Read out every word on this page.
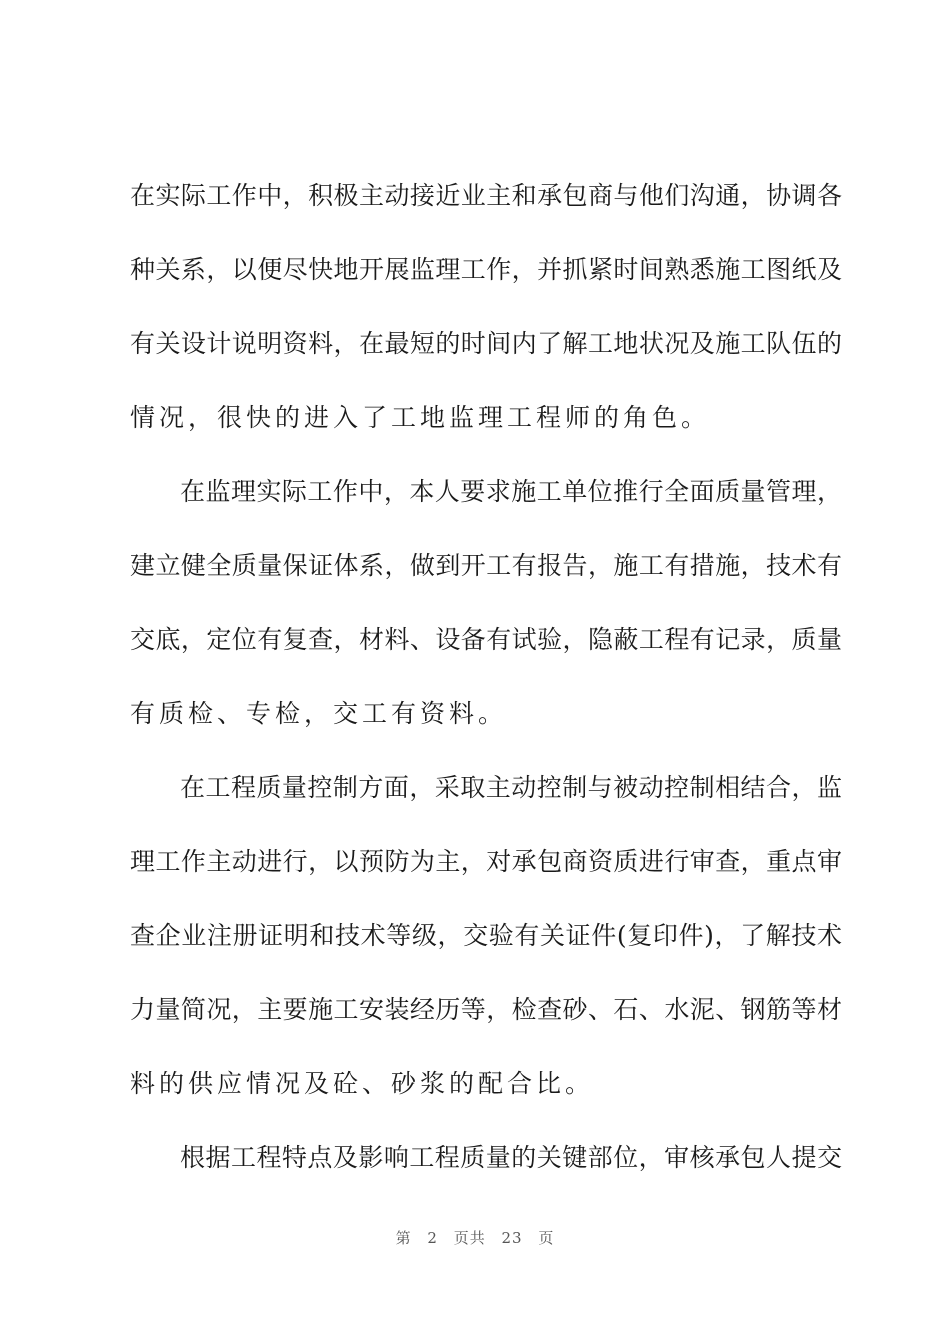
在实际工作中，积极主动接近业主和承包商与他们沟通，协调各
种关系，以便尽快地开展监理工作，并抓紧时间熟悉施工图纸及
有关设计说明资料，在最短的时间内了解工地状况及施工队伍的
情况，很快的进入了工地监理工程师的角色。
在监理实际工作中，本人要求施工单位推行全面质量管理，
建立健全质量保证体系，做到开工有报告，施工有措施，技术有
交底，定位有复查，材料、设备有试验，隐蔽工程有记录，质量
有质检、专检，交工有资料。
在工程质量控制方面，采取主动控制与被动控制相结合，监
理工作主动进行，以预防为主，对承包商资质进行审查，重点审
查企业注册证明和技术等级，交验有关证件(复印件)，了解技术
力量简况，主要施工安装经历等，检查砂、石、水泥、钢筋等材
料的供应情况及砼、砂浆的配合比。
根据工程特点及影响工程质量的关键部位，审核承包人提交
第 2 页共 23 页
